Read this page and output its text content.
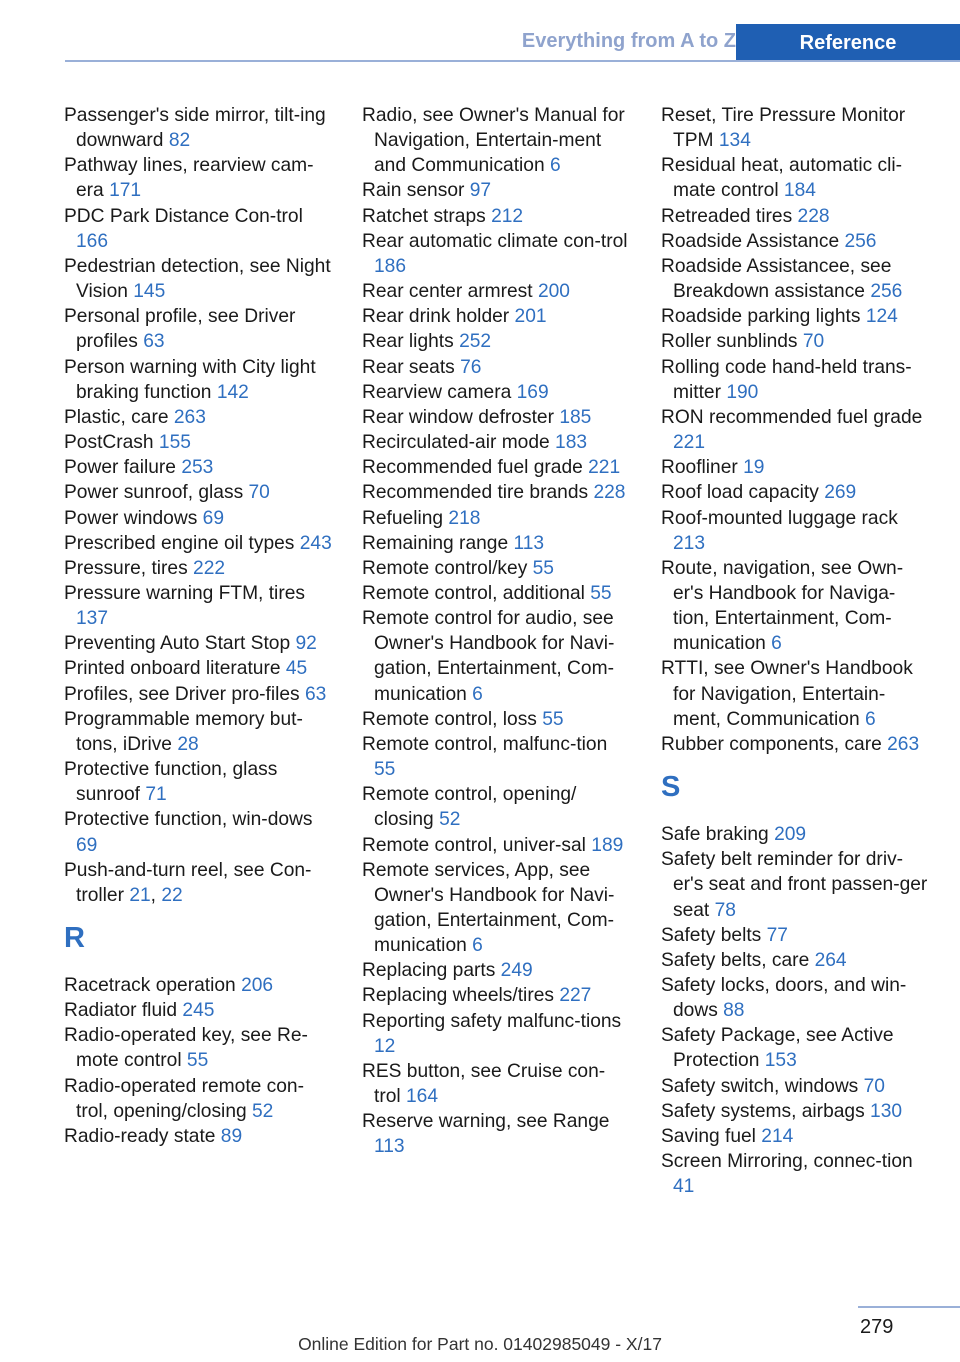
Everything from A to Z	Reference
Passenger's side mirror, tilt-ing downward 82
Pathway lines, rearview cam-era 171
PDC Park Distance Con-trol 166
Pedestrian detection, see Night Vision 145
Personal profile, see Driver profiles 63
Person warning with City light braking function 142
Plastic, care 263
PostCrash 155
Power failure 253
Power sunroof, glass 70
Power windows 69
Prescribed engine oil types 243
Pressure, tires 222
Pressure warning FTM, tires 137
Preventing Auto Start Stop 92
Printed onboard literature 45
Profiles, see Driver pro-files 63
Programmable memory but-tons, iDrive 28
Protective function, glass sunroof 71
Protective function, win-dows 69
Push-and-turn reel, see Con-troller 21, 22
R
Racetrack operation 206
Radiator fluid 245
Radio-operated key, see Re-mote control 55
Radio-operated remote con-trol, opening/closing 52
Radio-ready state 89
Radio, see Owner's Manual for Navigation, Entertain-ment and Communication 6
Rain sensor 97
Ratchet straps 212
Rear automatic climate con-trol 186
Rear center armrest 200
Rear drink holder 201
Rear lights 252
Rear seats 76
Rearview camera 169
Rear window defroster 185
Recirculated-air mode 183
Recommended fuel grade 221
Recommended tire brands 228
Refueling 218
Remaining range 113
Remote control/key 55
Remote control, additional 55
Remote control for audio, see Owner's Handbook for Navi-gation, Entertainment, Com-munication 6
Remote control, loss 55
Remote control, malfunc-tion 55
Remote control, opening/ closing 52
Remote control, univer-sal 189
Remote services, App, see Owner's Handbook for Navi-gation, Entertainment, Com-munication 6
Replacing parts 249
Replacing wheels/tires 227
Reporting safety malfunc-tions 12
RES button, see Cruise con-trol 164
Reserve warning, see Range 113
Reset, Tire Pressure Monitor TPM 134
Residual heat, automatic cli-mate control 184
Retreaded tires 228
Roadside Assistance 256
Roadside Assistancee, see Breakdown assistance 256
Roadside parking lights 124
Roller sunblinds 70
Rolling code hand-held trans-mitter 190
RON recommended fuel grade 221
Roofliner 19
Roof load capacity 269
Roof-mounted luggage rack 213
Route, navigation, see Own-er's Handbook for Naviga-tion, Entertainment, Com-munication 6
RTTI, see Owner's Handbook for Navigation, Entertain-ment, Communication 6
Rubber components, care 263
S
Safe braking 209
Safety belt reminder for driv-er's seat and front passen-ger seat 78
Safety belts 77
Safety belts, care 264
Safety locks, doors, and win-dows 88
Safety Package, see Active Protection 153
Safety switch, windows 70
Safety systems, airbags 130
Saving fuel 214
Screen Mirroring, connec-tion 41
279
Online Edition for Part no. 01402985049 - X/17
